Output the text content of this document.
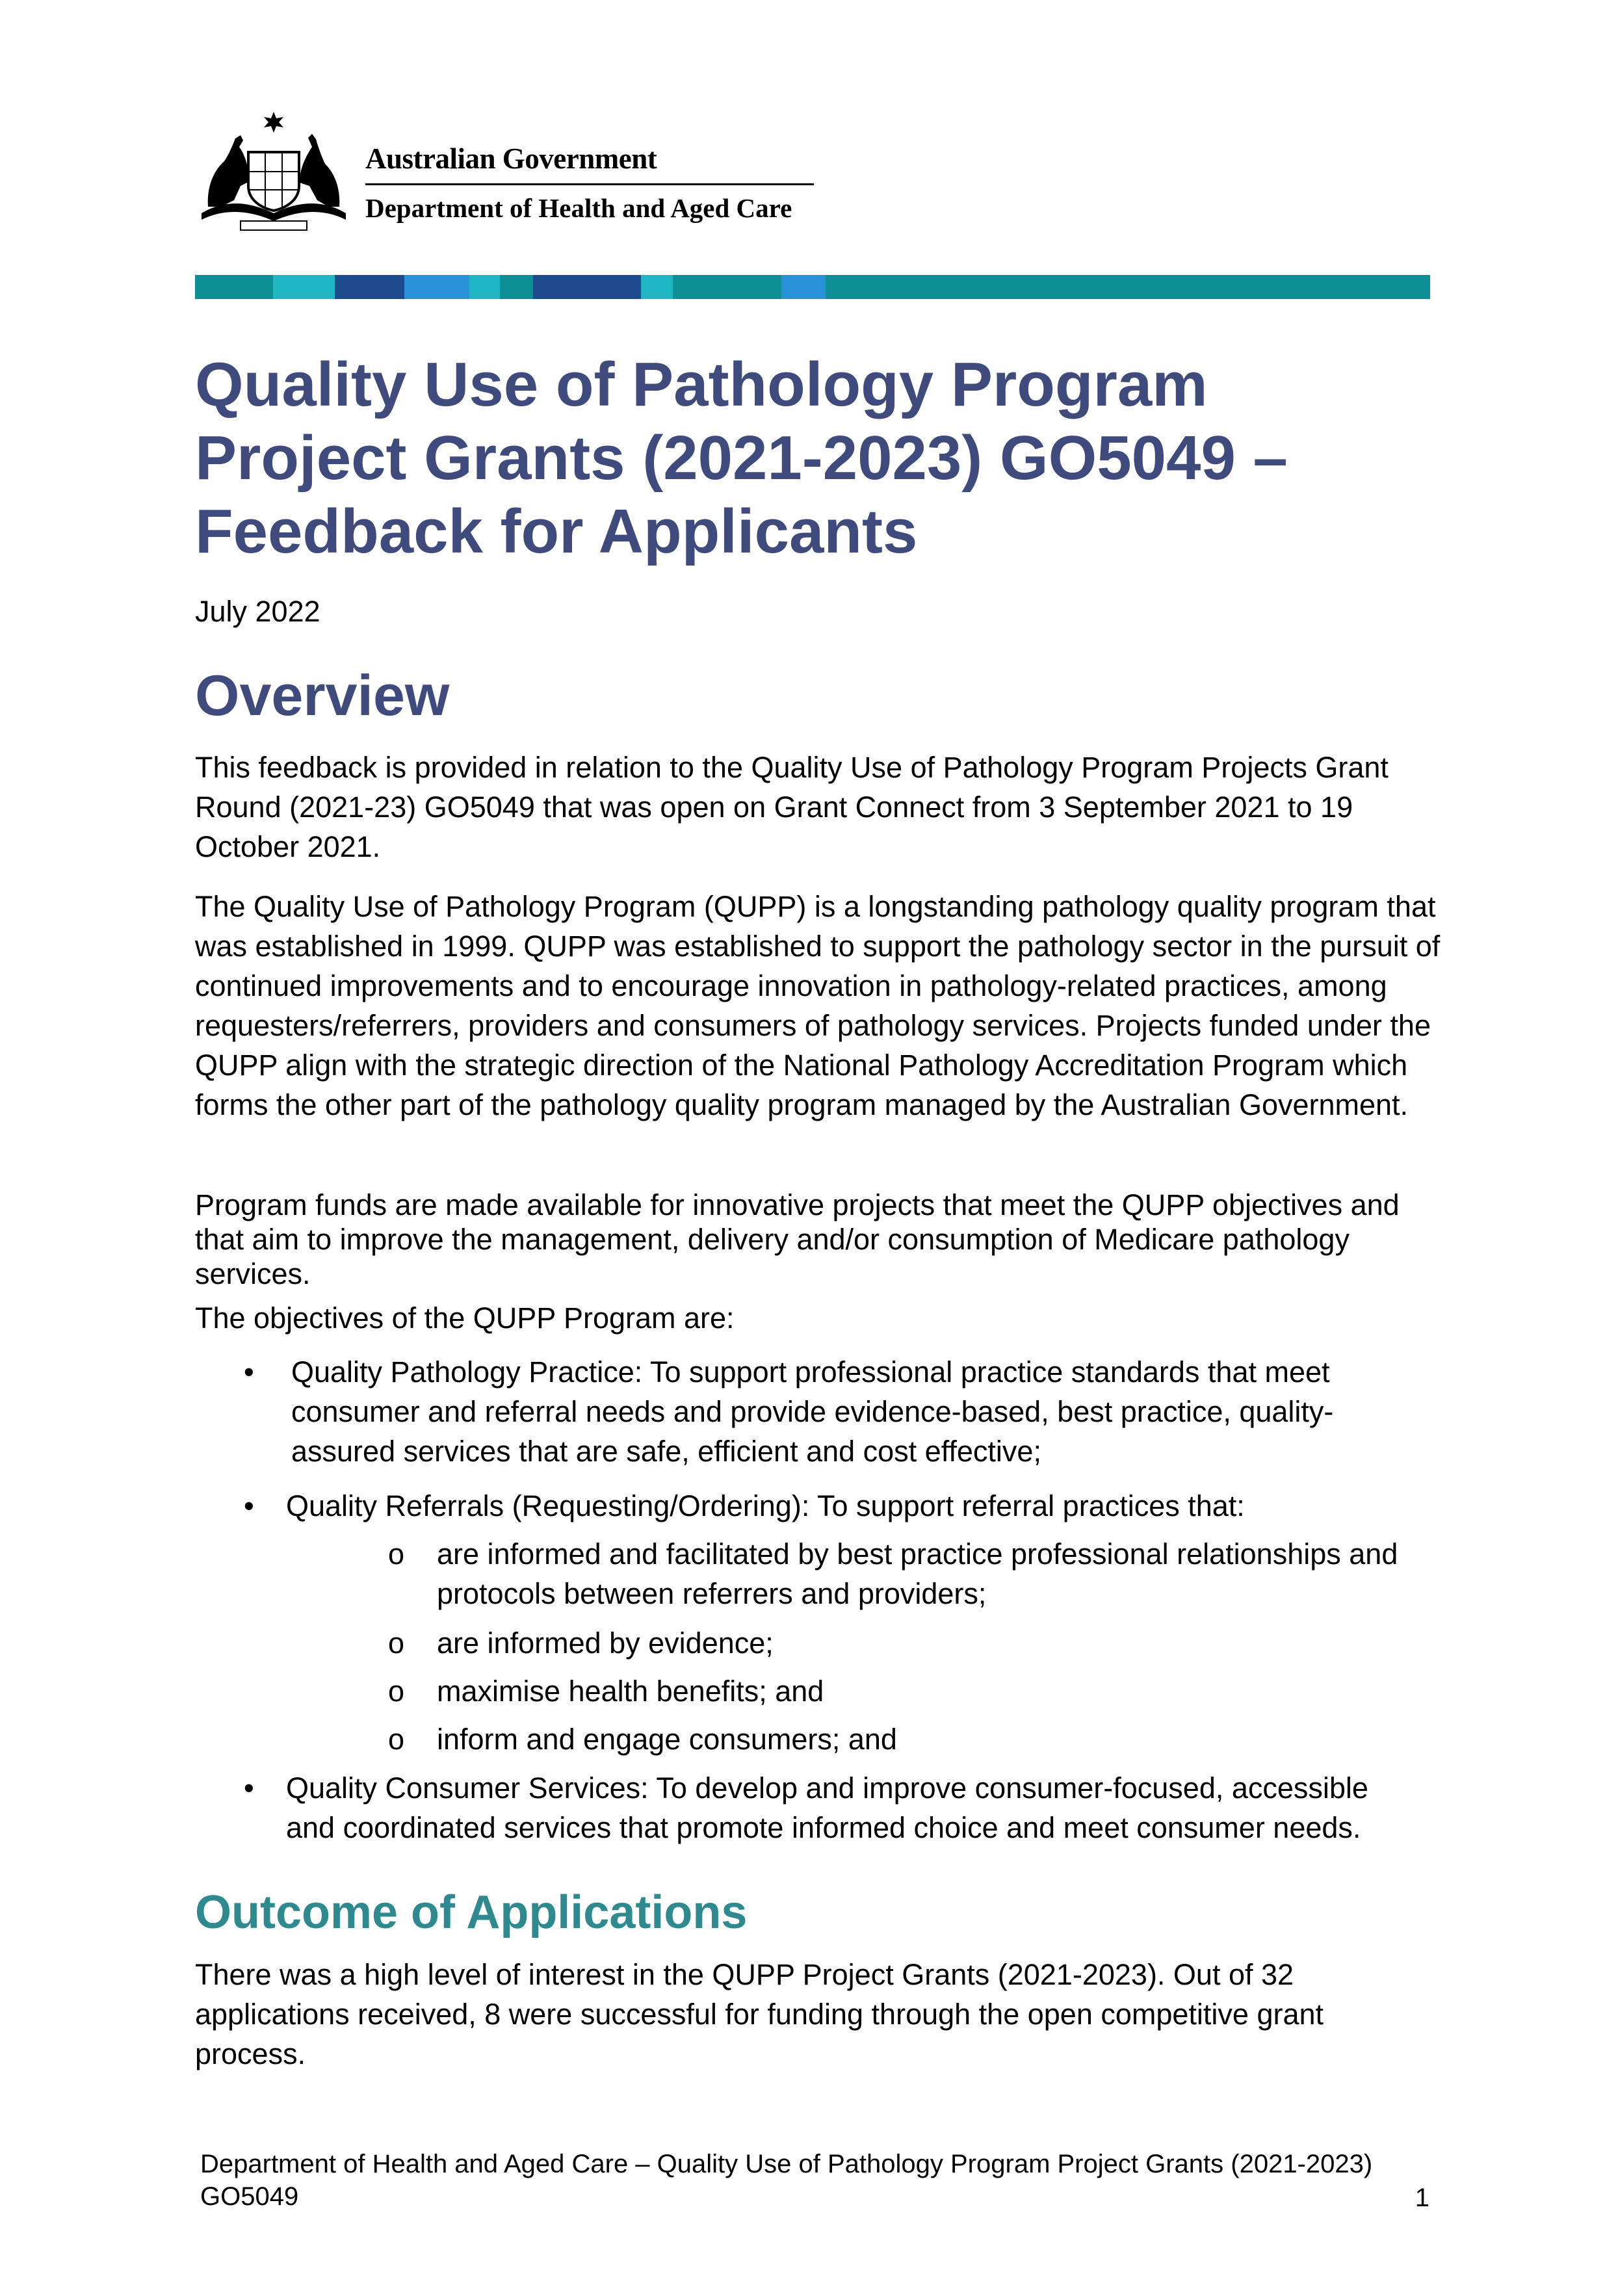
Australian Government
Department of Health and Aged Care
Quality Use of Pathology Program Project Grants (2021-2023) GO5049 – Feedback for Applicants
July 2022
Overview

This feedback is provided in relation to the Quality Use of Pathology Program Projects Grant Round (2021-23) GO5049 that was open on Grant Connect from 3 September 2021 to 19 October 2021.

The Quality Use of Pathology Program (QUPP) is a longstanding pathology quality program that was established in 1999. QUPP was established to support the pathology sector in the pursuit of continued improvements and to encourage innovation in pathology-related practices, among requesters/referrers, providers and consumers of pathology services. Projects funded under the QUPP align with the strategic direction of the National Pathology Accreditation Program which forms the other part of the pathology quality program managed by the Australian Government.

Program funds are made available for innovative projects that meet the QUPP objectives and that aim to improve the management, delivery and/or consumption of Medicare pathology services.

The objectives of the QUPP Program are:

• Quality Pathology Practice: To support professional practice standards that meet consumer and referral needs and provide evidence-based, best practice, quality-assured services that are safe, efficient and cost effective;
• Quality Referrals (Requesting/Ordering): To support referral practices that:
o are informed and facilitated by best practice professional relationships and protocols between referrers and providers;
o are informed by evidence;
o maximise health benefits; and
o inform and engage consumers; and
• Quality Consumer Services: To develop and improve consumer-focused, accessible and coordinated services that promote informed choice and meet consumer needs.
Outcome of Applications

There was a high level of interest in the QUPP Project Grants (2021-2023). Out of 32 applications received, 8 were successful for funding through the open competitive grant process.

Department of Health and Aged Care – Quality Use of Pathology Program Project Grants (2021-2023) GO5049	1
